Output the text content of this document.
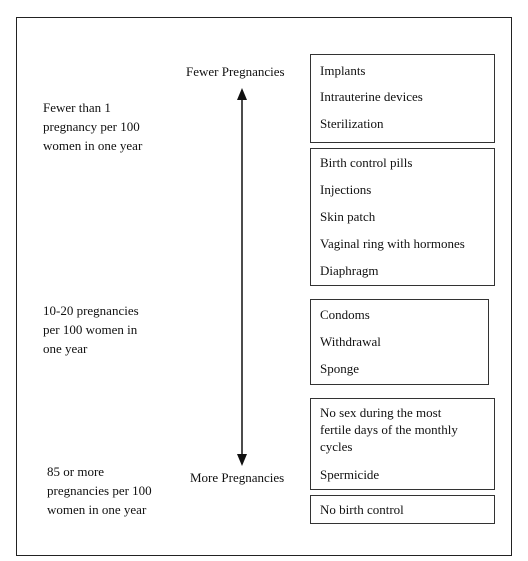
Fewer Pregnancies
More Pregnancies
Fewer than 1
pregnancy per 100
women in one year
10-20 pregnancies
per 100 women in
one year
85 or more
pregnancies per 100
women in one year
Implants
Intrauterine devices
Sterilization
Birth control pills
Injections
Skin patch
Vaginal ring with hormones
Diaphragm
Condoms
Withdrawal
Sponge
No sex during the most
fertile days of the monthly
cycles
Spermicide
No birth control
